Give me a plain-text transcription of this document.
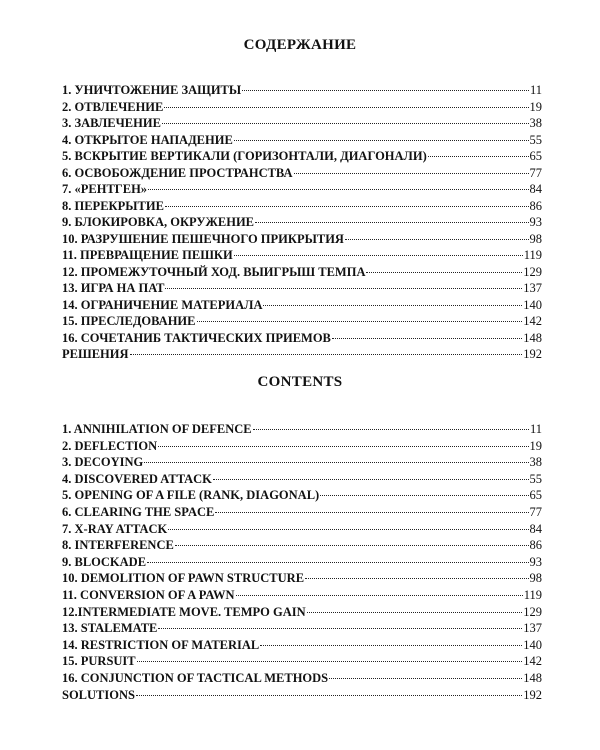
СОДЕРЖАНИЕ
1. УНИЧТОЖЕНИЕ ЗАЩИТЫ	11
2. ОТВЛЕЧЕНИЕ	19
3. ЗАВЛЕЧЕНИЕ	38
4. ОТКРЫТОЕ НАПАДЕНИЕ	55
5. ВСКРЫТИЕ ВЕРТИКАЛИ (ГОРИЗОНТАЛИ, ДИАГОНАЛИ)	65
6. ОСВОБОЖДЕНИЕ ПРОСТРАНСТВА	77
7. «РЕНТГЕН»	84
8. ПЕРЕКРЫТИЕ	86
9. БЛОКИРОВКА, ОКРУЖЕНИЕ	93
10. РАЗРУШЕНИЕ ПЕШЕЧНОГО ПРИКРЫТИЯ	98
11. ПРЕВРАЩЕНИЕ ПЕШКИ	119
12. ПРОМЕЖУТОЧНЫЙ ХОД. ВЫИГРЫШ ТЕМПА	129
13. ИГРА НА ПАТ	137
14. ОГРАНИЧЕНИЕ МАТЕРИАЛА	140
15. ПРЕСЛЕДОВАНИЕ	142
16. СОЧЕТАНИБ ТАКТИЧЕСКИХ ПРИЕМОВ	148
РЕШЕНИЯ	192
CONTENTS
1. ANNIHILATION OF DEFENCE	11
2. DEFLECTION	19
3. DECOYING	38
4. DISCOVERED ATTACK	55
5. OPENING OF A FILE (RANK, DIAGONAL)	65
6. CLEARING THE SPACE	77
7. X-RAY ATTACK	84
8. INTERFERENCE	86
9. BLOCKADE	93
10. DEMOLITION OF PAWN STRUCTURE	98
11. CONVERSION OF A PAWN	119
12.INTERMEDIATE MOVE. TEMPO GAIN	129
13. STALEMATE	137
14. RESTRICTION OF MATERIAL	140
15. PURSUIT	142
16. CONJUNCTION OF TACTICAL METHODS	148
SOLUTIONS	192
